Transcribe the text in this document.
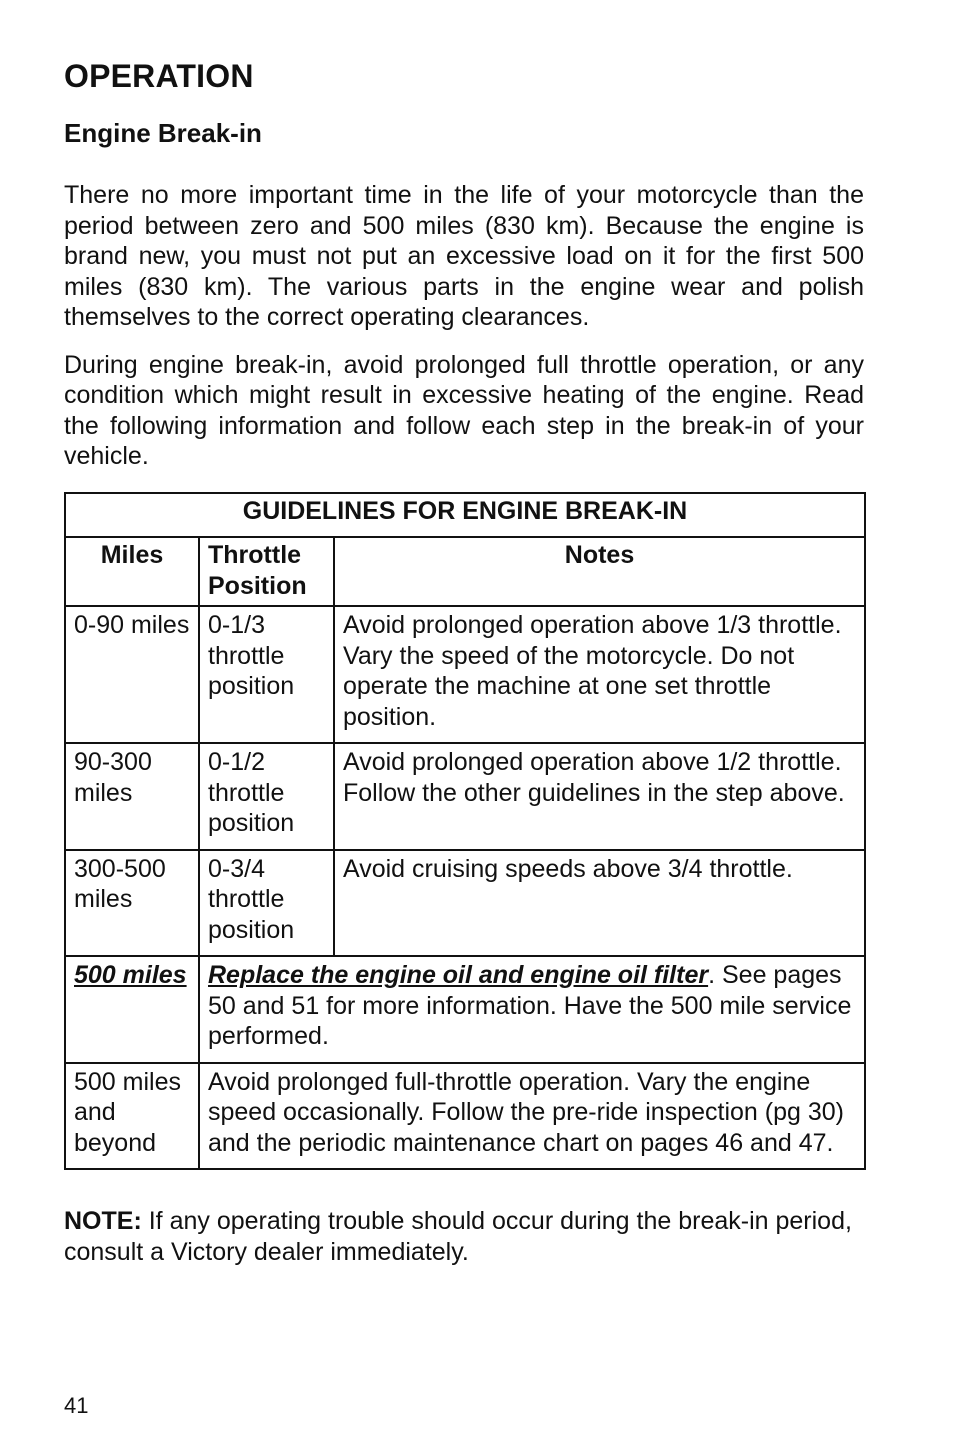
OPERATION
Engine Break-in

There no more important time in the life of your motorcycle than the period between zero and 500 miles (830 km). Because the engine is brand new, you must not put an excessive load on it for the first 500 miles (830 km). The various parts in the engine wear and polish themselves to the correct operating clearances.

During engine break-in, avoid prolonged full throttle operation, or any condition which might result in excessive heating of the engine. Read the following information and follow each step in the break-in of your vehicle.

GUIDELINES FOR ENGINE BREAK-IN		
Miles	Throttle Position	Notes
0-90 miles	0-1/3 throttle position	Avoid prolonged operation above 1/3 throttle. Vary the speed of the motorcycle. Do not operate the machine at one set throttle position.
90-300 miles	0-1/2 throttle position	Avoid prolonged operation above 1/2 throttle. Follow the other guidelines in the step above.
300-500 miles	0-3/4 throttle position	Avoid cruising speeds above 3/4 throttle.
500 miles	Replace the engine oil and engine oil filter. See pages 50 and 51 for more information. Have the 500 mile service performed.	
500 miles and beyond	Avoid prolonged full-throttle operation. Vary the engine speed occasionally. Follow the pre-ride inspection (pg 30) and the periodic maintenance chart on pages 46 and 47.	

NOTE: If any operating trouble should occur during the break-in period, consult a Victory dealer immediately.

41
